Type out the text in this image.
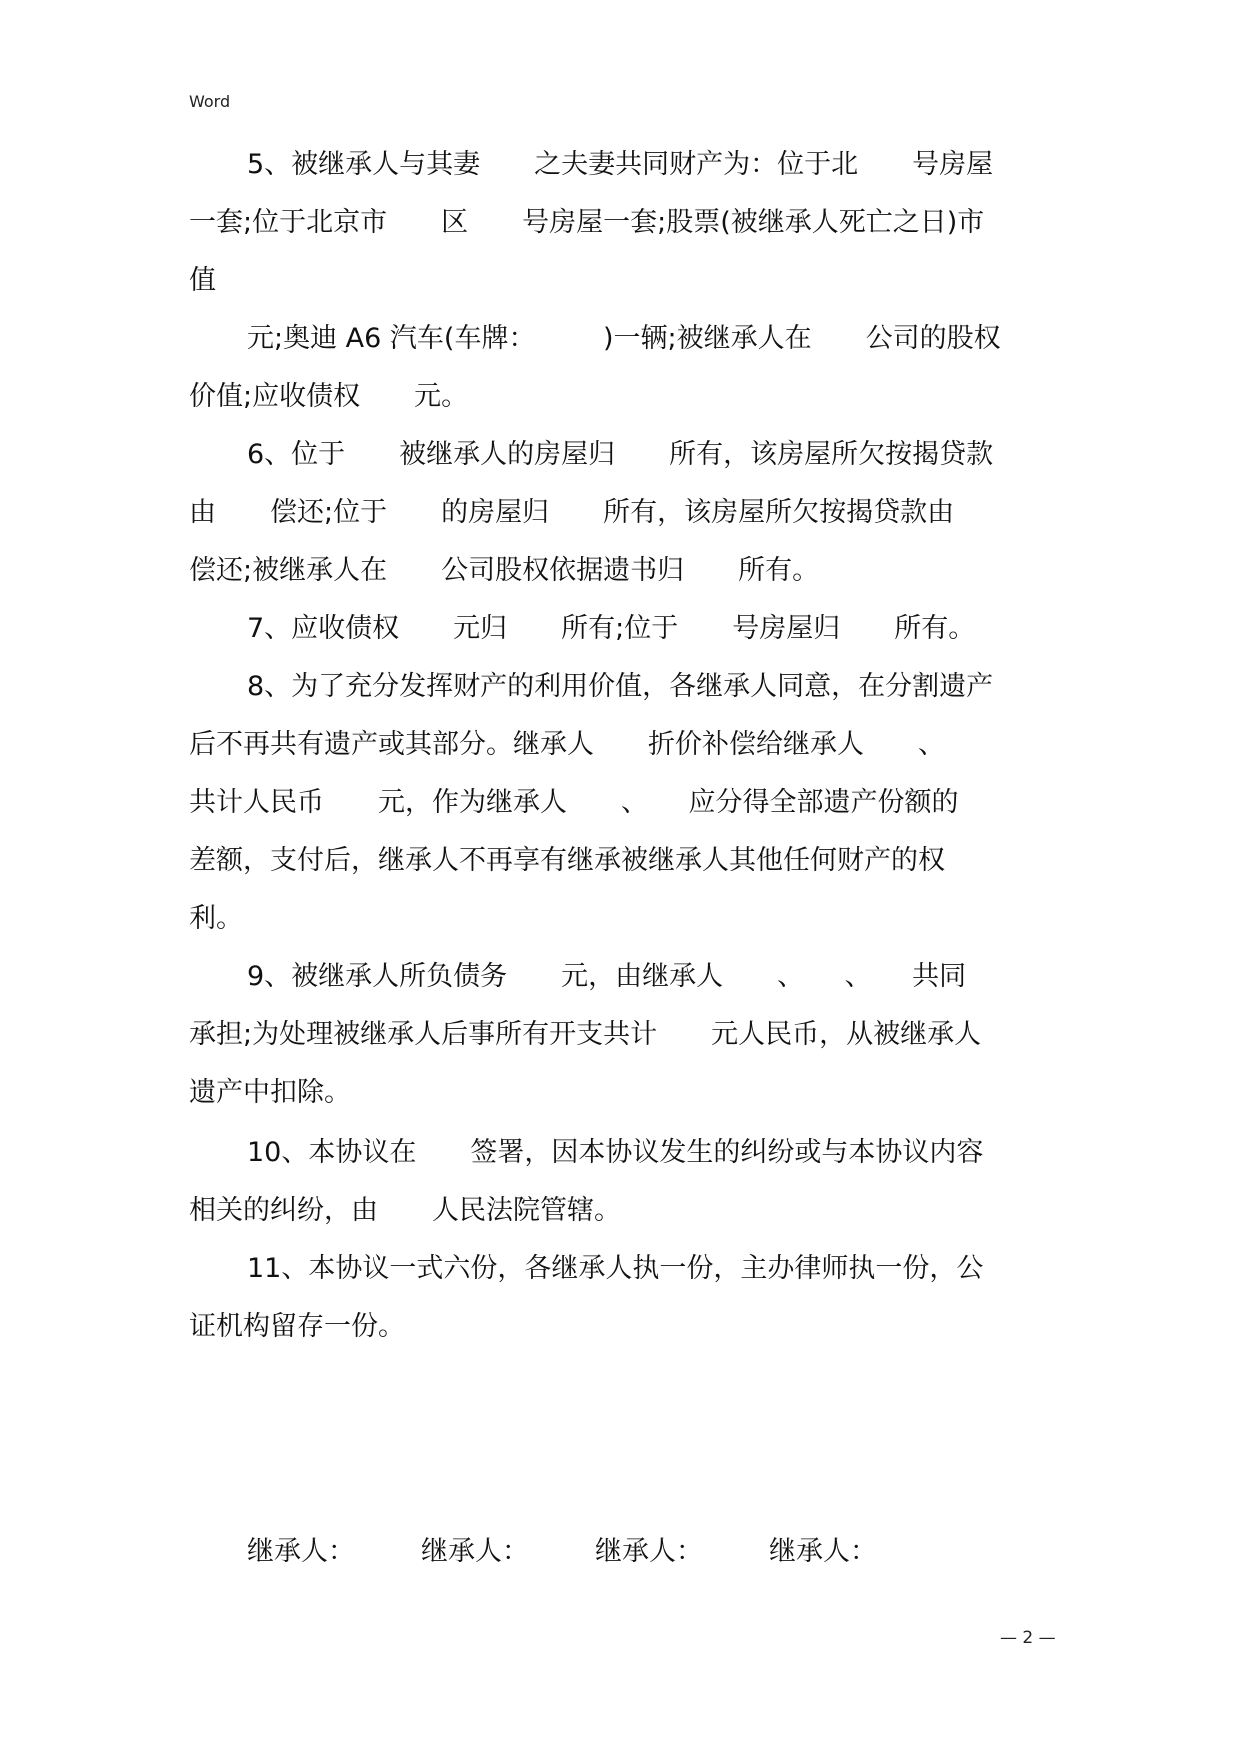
Word
5、被继承人与其妻　　之夫妻共同财产为：位于北　　号房屋
一套;位于北京市　　区　　号房屋一套;股票(被继承人死亡之日)市
值
元;奥迪 A6 汽车(车牌：　　　)一辆;被继承人在　　公司的股权
价值;应收债权　　元。
6、位于　　被继承人的房屋归　　所有，该房屋所欠按揭贷款
由　　偿还;位于　　的房屋归　　所有，该房屋所欠按揭贷款由
偿还;被继承人在　　公司股权依据遗书归　　所有。
7、应收债权　　元归　　所有;位于　　号房屋归　　所有。
8、为了充分发挥财产的利用价值，各继承人同意，在分割遗产
后不再共有遗产或其部分。继承人　　折价补偿给继承人　　、
共计人民币　　元，作为继承人　　、　　应分得全部遗产份额的
差额，支付后，继承人不再享有继承被继承人其他任何财产的权
利。
9、被继承人所负债务　　元，由继承人　　、　　、　　共同
承担;为处理被继承人后事所有开支共计　　元人民币，从被继承人
遗产中扣除。
10、本协议在　　签署，因本协议发生的纠纷或与本协议内容
相关的纠纷，由　　人民法院管辖。
11、本协议一式六份，各继承人执一份，主办律师执一份，公
证机构留存一份。
继承人： 继承人： 继承人： 继承人：
— 2 —
